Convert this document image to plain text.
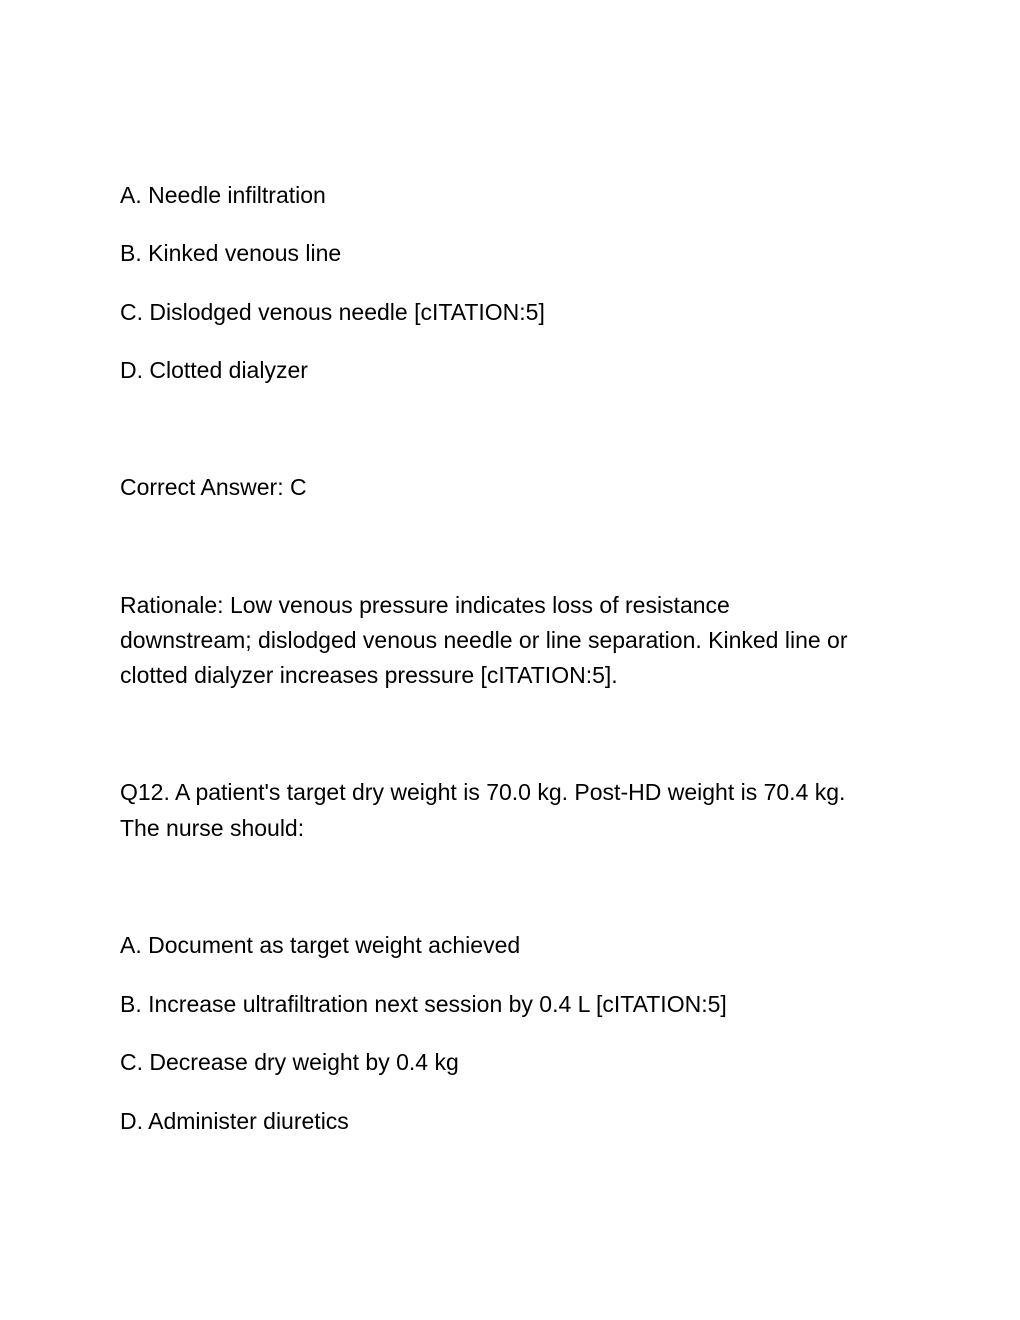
A. Needle infiltration
B. Kinked venous line
C. Dislodged venous needle [cITATION:5]
D. Clotted dialyzer
Correct Answer: C
Rationale: Low venous pressure indicates loss of resistance
downstream; dislodged venous needle or line separation. Kinked line or
clotted dialyzer increases pressure [cITATION:5].
Q12. A patient's target dry weight is 70.0 kg. Post-HD weight is 70.4 kg.
The nurse should:
A. Document as target weight achieved
B. Increase ultrafiltration next session by 0.4 L [cITATION:5]
C. Decrease dry weight by 0.4 kg
D. Administer diuretics
